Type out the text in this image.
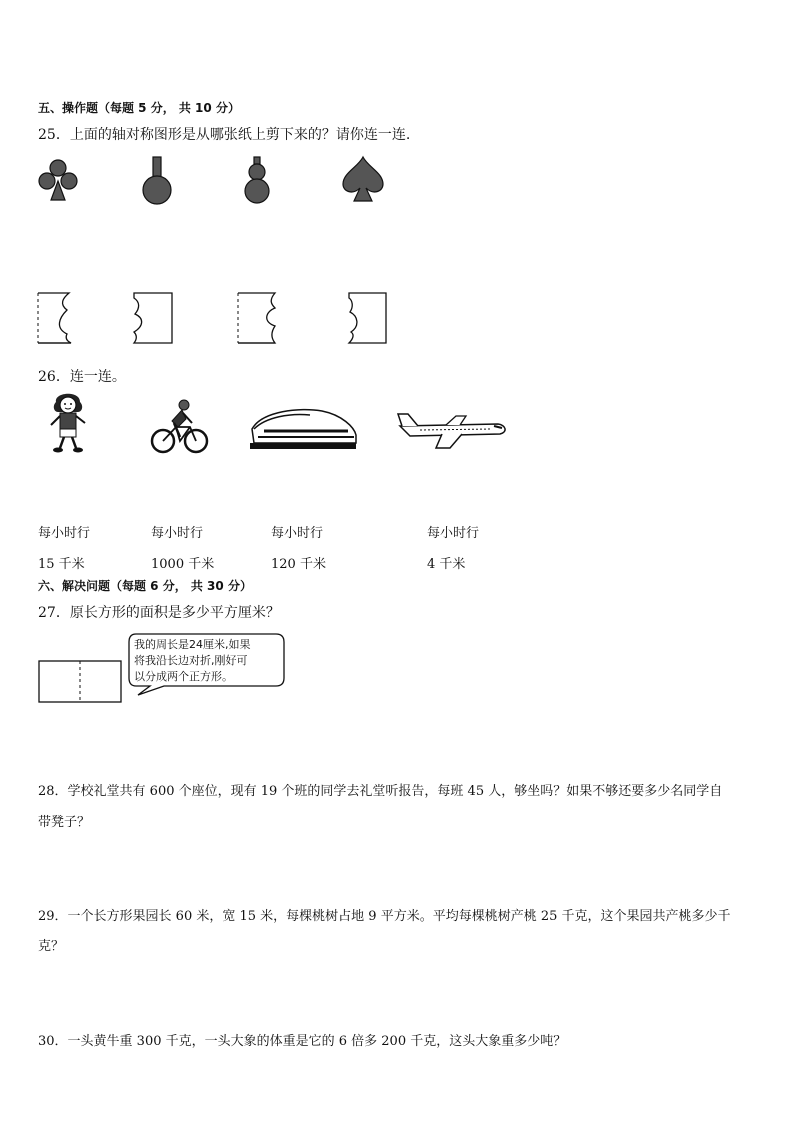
五、操作题（每题 5 分， 共 10 分）
25．上面的轴对称图形是从哪张纸上剪下来的？请你连一连.
26．连一连。
每小时行
15 千米
每小时行
1000 千米
每小时行
120 千米
每小时行
4 千米
六、解决问题（每题 6 分， 共 30 分）
27．原长方形的面积是多少平方厘米？
我的周长是24厘米,如果
将我沿长边对折,刚好可
以分成两个正方形。
28．学校礼堂共有 600 个座位，现有 19 个班的同学去礼堂听报告，每班 45 人，够坐吗？如果不够还要多少名同学自
带凳子？
29．一个长方形果园长 60 米，宽 15 米，每棵桃树占地 9 平方米。平均每棵桃树产桃 25 千克，这个果园共产桃多少千
克？
30．一头黄牛重 300 千克，一头大象的体重是它的 6 倍多 200 千克，这头大象重多少吨？
